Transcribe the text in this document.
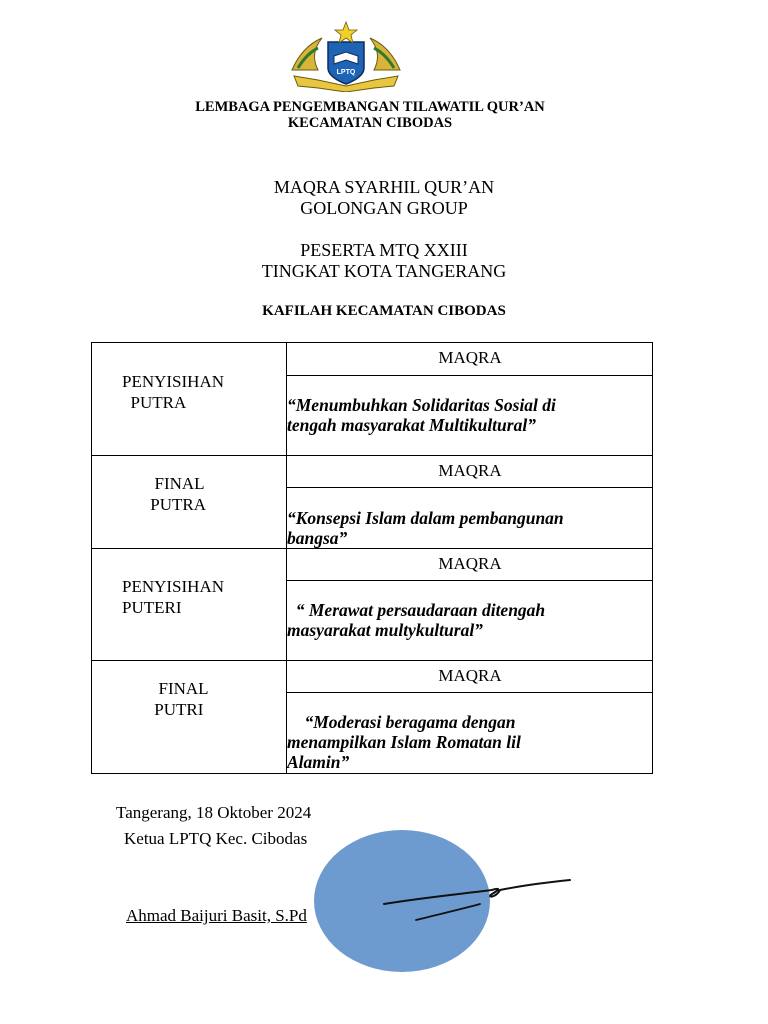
LPTQ
LEMBAGA PENGEMBANGAN TILAWATIL QUR’AN
KECAMATAN CIBODAS
MAQRA SYARHIL QUR’AN
GOLONGAN GROUP
PESERTA MTQ XXIII
TINGKAT KOTA TANGERANG
KAFILAH KECAMATAN CIBODAS
PENYISIHAN
PUTRA
MAQRA
“Menumbuhkan Solidaritas Sosial di
tengah masyarakat Multikultural”
FINAL
PUTRA
MAQRA
“Konsepsi Islam dalam pembangunan
bangsa”
PENYISIHAN
PUTERI
MAQRA
“ Merawat persaudaraan ditengah
masyarakat multykultural”
FINAL
PUTRI
MAQRA
“Moderasi beragama dengan
menampilkan Islam Romatan lil
Alamin”
Tangerang, 18 Oktober 2024
Ketua LPTQ Kec. Cibodas
Ahmad Baijuri Basit, S.Pd
